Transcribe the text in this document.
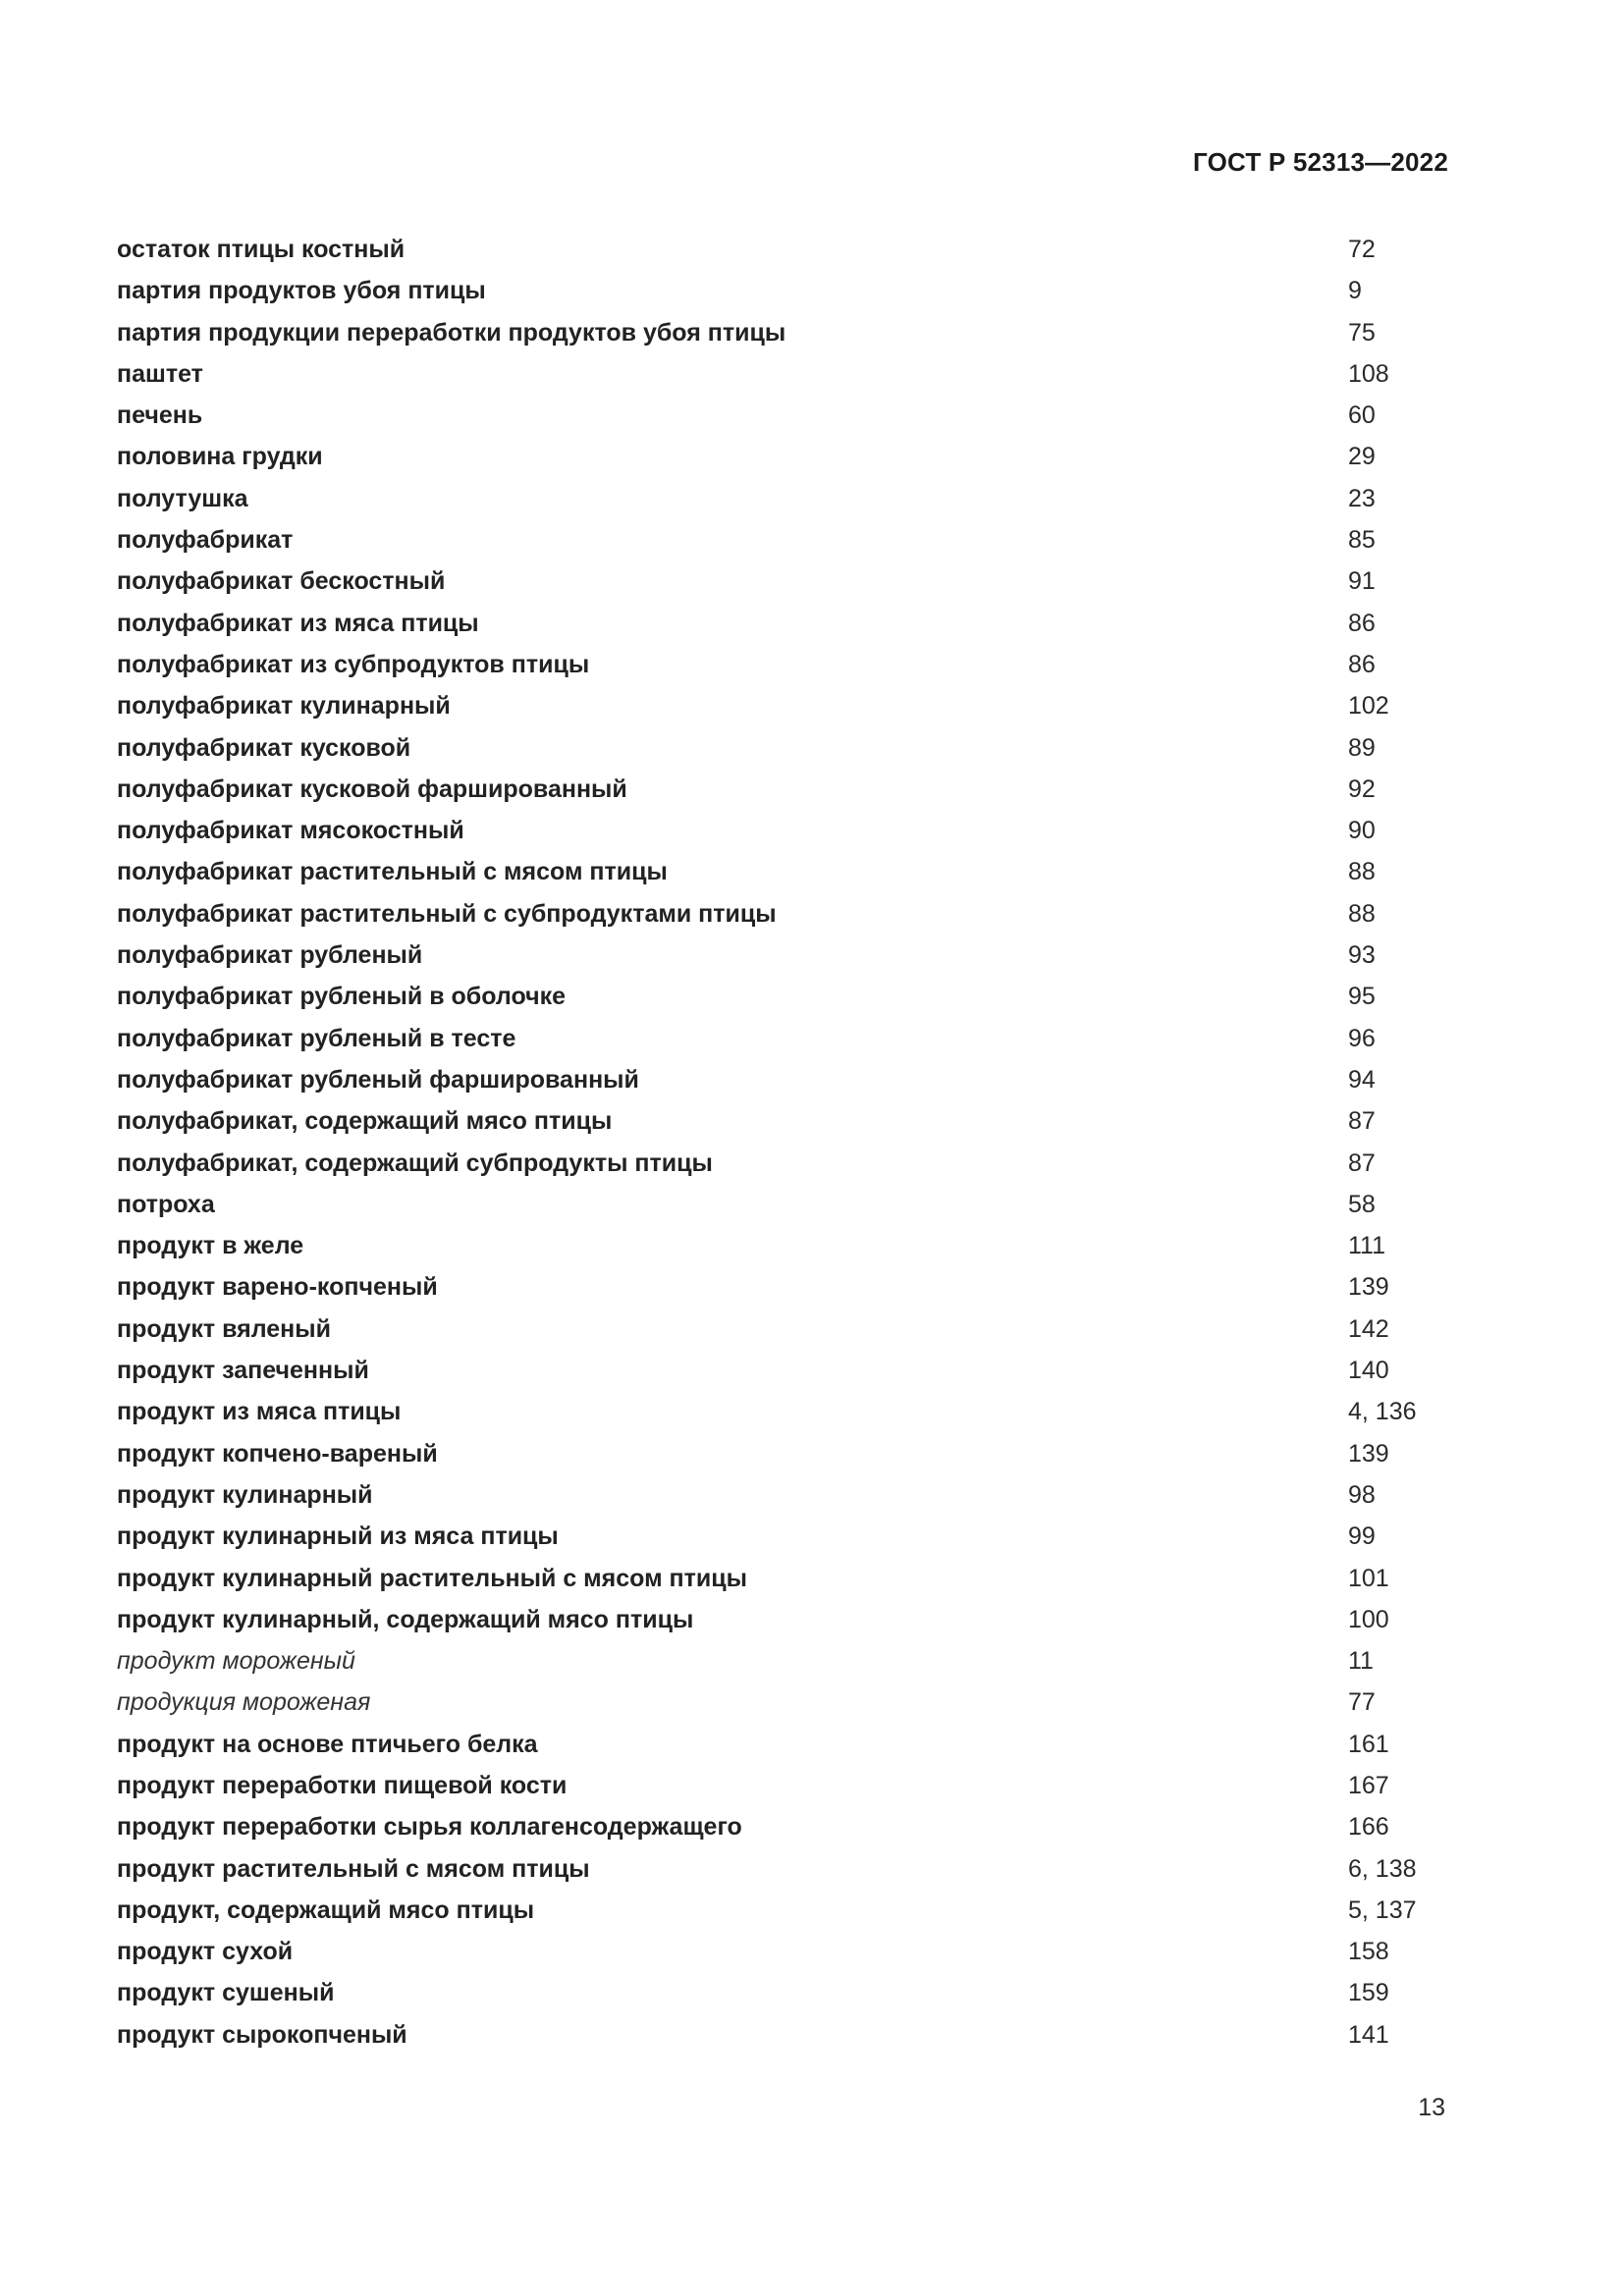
ГОСТ Р 52313—2022
остаток птицы костный	72
партия продуктов убоя птицы	9
партия продукции переработки продуктов убоя птицы	75
паштет	108
печень	60
половина грудки	29
полутушка	23
полуфабрикат	85
полуфабрикат бескостный	91
полуфабрикат из мяса птицы	86
полуфабрикат из субпродуктов птицы	86
полуфабрикат кулинарный	102
полуфабрикат кусковой	89
полуфабрикат кусковой фаршированный	92
полуфабрикат мясокостный	90
полуфабрикат растительный с мясом птицы	88
полуфабрикат растительный с субпродуктами птицы	88
полуфабрикат рубленый	93
полуфабрикат рубленый в оболочке	95
полуфабрикат рубленый в тесте	96
полуфабрикат рубленый фаршированный	94
полуфабрикат, содержащий мясо птицы	87
полуфабрикат, содержащий субпродукты птицы	87
потроха	58
продукт в желе	111
продукт варено-копченый	139
продукт вяленый	142
продукт запеченный	140
продукт из мяса птицы	4, 136
продукт копчено-вареный	139
продукт кулинарный	98
продукт кулинарный из мяса птицы	99
продукт кулинарный растительный с мясом птицы	101
продукт кулинарный, содержащий мясо птицы	100
продукт мороженый	11
продукция мороженая	77
продукт на основе птичьего белка	161
продукт переработки пищевой кости	167
продукт переработки сырья коллагенсодержащего	166
продукт растительный с мясом птицы	6, 138
продукт, содержащий мясо птицы	5, 137
продукт сухой	158
продукт сушеный	159
продукт сырокопченый	141
13
